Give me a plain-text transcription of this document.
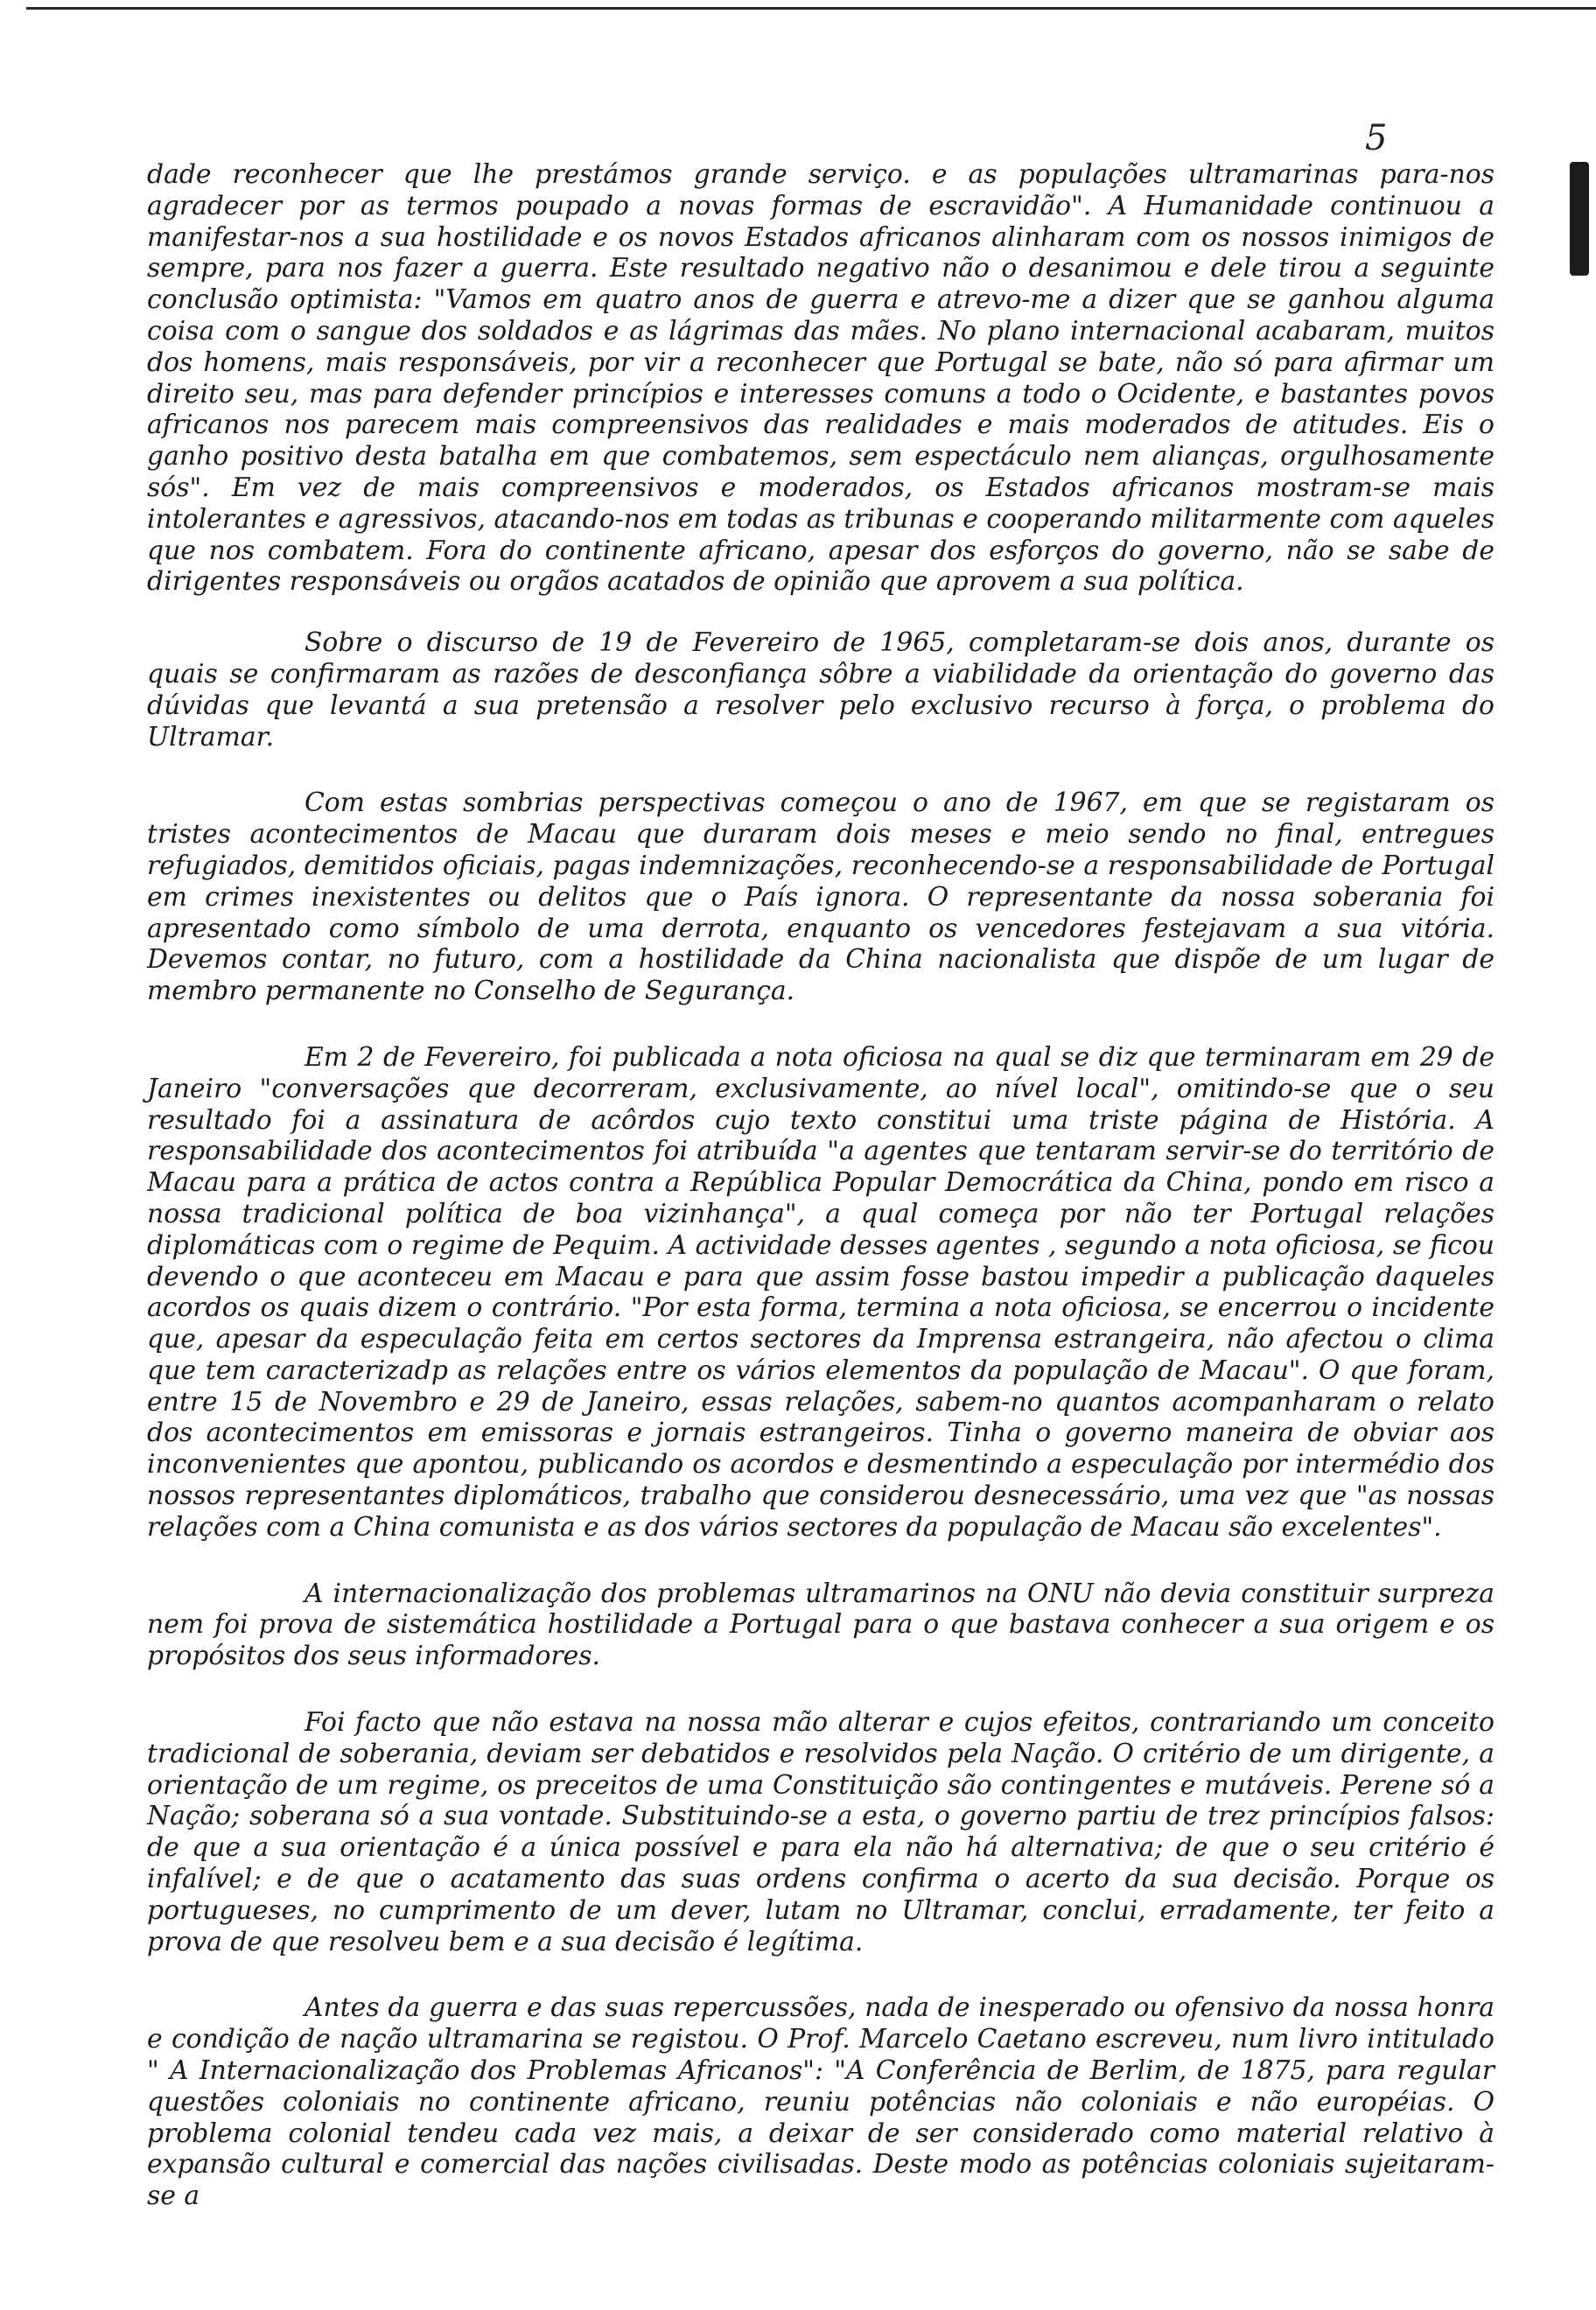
5

dade reconhecer que lhe prestámos grande serviço. e as populações ultramarinas para-nos agradecer por as termos poupado a novas formas de escravidão". A Humanidade continuou a manifestar-nos a sua hostilidade e os novos Estados africanos alinharam com os nossos inimigos de sempre, para nos fazer a guerra. Este resultado negativo não o desanimou e dele tirou a seguinte conclusão optimista: "Vamos em quatro anos de guerra e atrevo-me a dizer que se ganhou alguma coisa com o sangue dos soldados e as lágrimas das mães. No plano internacional acabaram, muitos dos homens, mais responsáveis, por vir a reconhecer que Portugal se bate, não só para afirmar um direito seu, mas para defender princípios e interesses comuns a todo o Ocidente, e bastantes povos africanos nos parecem mais compreensivos das realidades e mais moderados de atitudes. Eis o ganho positivo desta batalha em que combatemos, sem espectáculo nem alianças, orgulhosamente sós". Em vez de mais compreensivos e moderados, os Estados africanos mostram-se mais intolerantes e agressivos, atacando-nos em todas as tribunas e cooperando militarmente com aqueles que nos combatem. Fora do continente africano, apesar dos esforços do governo, não se sabe de dirigentes responsáveis ou orgãos acatados de opinião que aprovem a sua política.

Sobre o discurso de 19 de Fevereiro de 1965, completaram-se dois anos, durante os quais se confirmaram as razões de desconfiança sôbre a viabilidade da orientação do governo das dúvidas que levantá a sua pretensão a resolver pelo exclusivo recurso à força, o problema do Ultramar.

Com estas sombrias perspectivas começou o ano de 1967, em que se registaram os tristes acontecimentos de Macau que duraram dois meses e meio sendo no final, entregues refugiados, demitidos oficiais, pagas indemnizações, reconhecendo-se a responsabilidade de Portugal em crimes inexistentes ou delitos que o País ignora. O representante da nossa soberania foi apresentado como símbolo de uma derrota, enquanto os vencedores festejavam a sua vitória. Devemos contar, no futuro, com a hostilidade da China nacionalista que dispõe de um lugar de membro permanente no Conselho de Segurança.

Em 2 de Fevereiro, foi publicada a nota oficiosa na qual se diz que terminaram em 29 de Janeiro "conversações que decorreram, exclusivamente, ao nível local", omitindo-se que o seu resultado foi a assinatura de acôrdos cujo texto constitui uma triste página de História. A responsabilidade dos acontecimentos foi atribuída "a agentes que tentaram servir-se do território de Macau para a prática de actos contra a República Popular Democrática da China, pondo em risco a nossa tradicional política de boa vizinhança", a qual começa por não ter Portugal relações diplomáticas com o regime de Pequim. A actividade desses agentes , segundo a nota oficiosa, se ficou devendo o que aconteceu em Macau e para que assim fosse bastou impedir a publicação daqueles acordos os quais dizem o contrário. "Por esta forma, termina a nota oficiosa, se encerrou o incidente que, apesar da especulação feita em certos sectores da Imprensa estrangeira, não afectou o clima que tem caracterizadp as relações entre os vários elementos da população de Macau". O que foram, entre 15 de Novembro e 29 de Janeiro, essas relações, sabem-no quantos acompanharam o relato dos acontecimentos em emissoras e jornais estrangeiros. Tinha o governo maneira de obviar aos inconvenientes que apontou, publicando os acordos e desmentindo a especulação por intermédio dos nossos representantes diplomáticos, trabalho que considerou desnecessário, uma vez que "as nossas relações com a China comunista e as dos vários sectores da população de Macau são excelentes".

A internacionalização dos problemas ultramarinos na ONU não devia constituir surpreza nem foi prova de sistemática hostilidade a Portugal para o que bastava conhecer a sua origem e os propósitos dos seus informadores.

Foi facto que não estava na nossa mão alterar e cujos efeitos, contrariando um conceito tradicional de soberania, deviam ser debatidos e resolvidos pela Nação. O critério de um dirigente, a orientação de um regime, os preceitos de uma Constituição são contingentes e mutáveis. Perene só a Nação; soberana só a sua vontade. Substituindo-se a esta, o governo partiu de trez princípios falsos: de que a sua orientação é a única possível e para ela não há alternativa; de que o seu critério é infalível; e de que o acatamento das suas ordens confirma o acerto da sua decisão. Porque os portugueses, no cumprimento de um dever, lutam no Ultramar, conclui, erradamente, ter feito a prova de que resolveu bem e a sua decisão é legítima.

Antes da guerra e das suas repercussões, nada de inesperado ou ofensivo da nossa honra e condição de nação ultramarina se registou. O Prof. Marcelo Caetano escreveu, num livro intitulado " A Internacionalização dos Problemas Africanos": "A Conferência de Berlim, de 1875, para regular questões coloniais no continente africano, reuniu potências não coloniais e não européias. O problema colonial tendeu cada vez mais, a deixar de ser considerado como material relativo à expansão cultural e comercial das nações civilisadas. Deste modo as potências coloniais sujeitaram-se a
